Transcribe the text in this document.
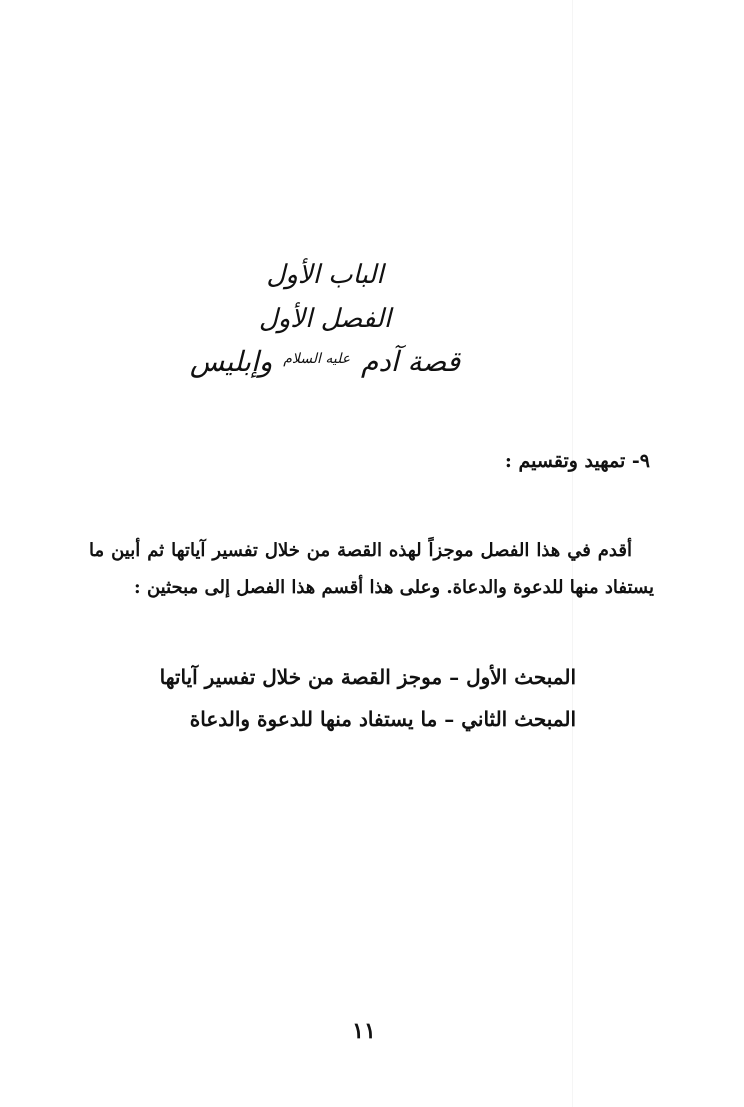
الباب الأول
الفصل الأول
قصة آدم $^{عليه السلام}$ وإبليس
٩- تمهيد وتقسيم :
أقدم في هذا الفصل موجزاً لهذه القصة من خلال تفسير آياتها ثم أبين ما يستفاد منها للدعوة والدعاة. وعلى هذا أقسم هذا الفصل إلى مبحثين :
المبحث الأول – موجز القصة من خلال تفسير آياتها
المبحث الثاني – ما يستفاد منها للدعوة والدعاة
١١
